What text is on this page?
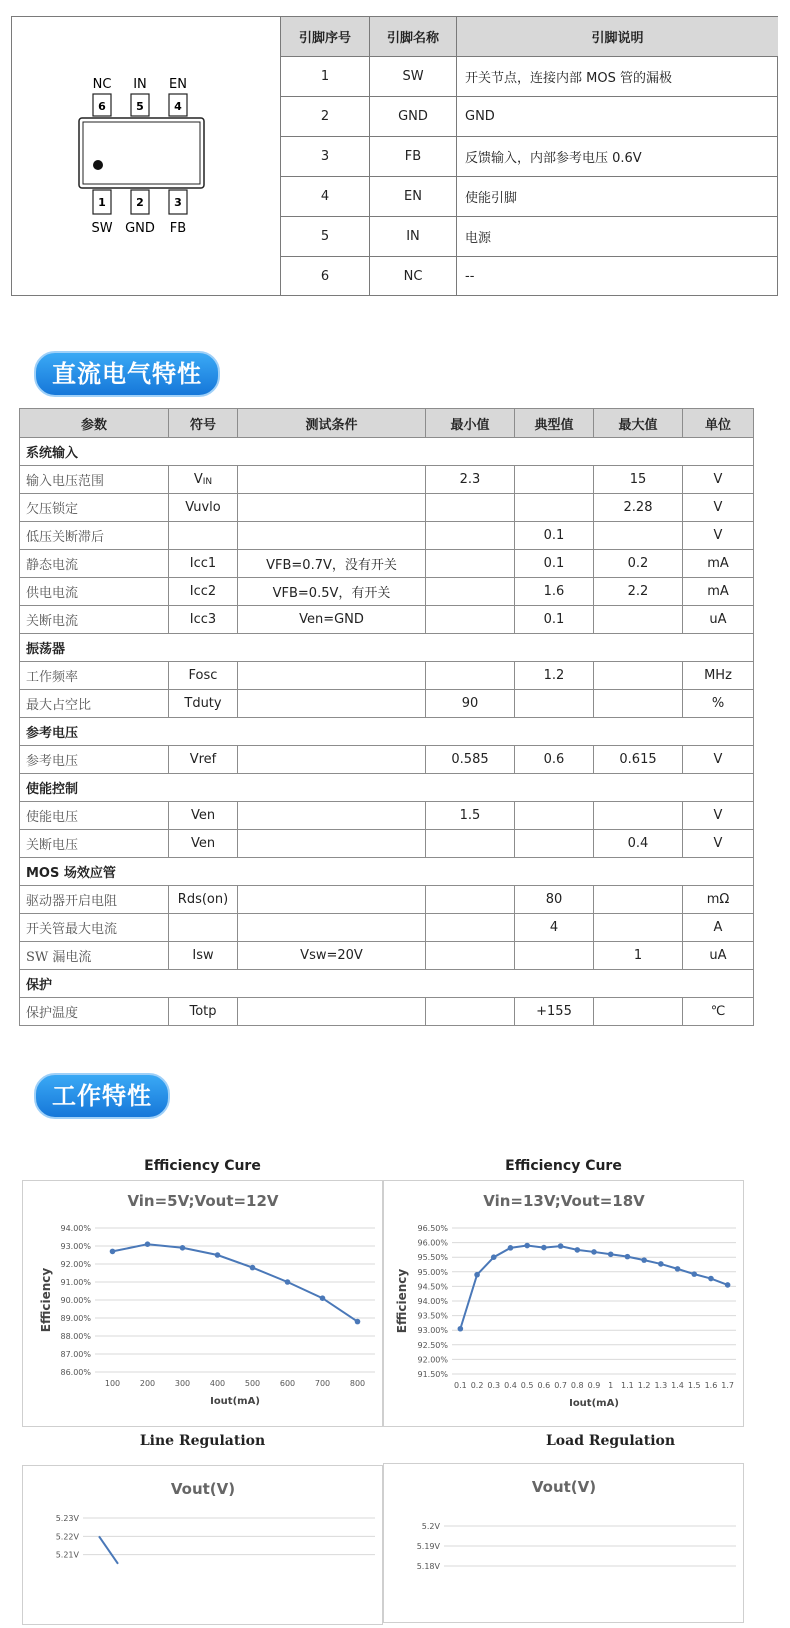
NC IN EN
6	5	4
1	2	3
SW GND FB
引脚序号	引脚名称	引脚说明
1	SW	开关节点，连接内部 MOS 管的漏极
2	GND	GND
3	FB	反馈输入，内部参考电压 0.6V
4	EN	使能引脚
5	IN	电源
6	NC	--
直流电气特性
参数	符号	测试条件	最小值	典型值	最大值	单位
系统输入						
输入电压范围	VIN		2.3		15	V
欠压锁定	Vuvlo				2.28	V
低压关断滞后				0.1		V
静态电流	Icc1	VFB=0.7V，没有开关		0.1	0.2	mA
供电电流	Icc2	VFB=0.5V，有开关		1.6	2.2	mA
关断电流	Icc3	Ven=GND		0.1		uA
振荡器						
工作频率	Fosc			1.2		MHz
最大占空比	Tduty		90			%
参考电压						
参考电压	Vref		0.585	0.6	0.615	V
使能控制						
使能电压	Ven		1.5			V
关断电压	Ven				0.4	V
MOS 场效应管						
驱动器开启电阻	Rds(on)			80		mΩ
开关管最大电流				4		A
SW 漏电流	Isw	Vsw=20V			1	uA
保护						
保护温度	Totp			+155		℃
工作特性
Efficiency Cure	Efficiency Cure
Vin=5V;Vout=12V
86.00%
87.00%
88.00%
89.00%
90.00%
91.00%
92.00%
93.00%
94.00%
100 200 300 400 500 600 700 800
Iout(mA)
Efficiency
Vin=13V;Vout=18V
91.50%
92.00%
92.50%
93.00%
93.50%
94.00%
94.50%
95.00%
95.50%
96.00%
96.50%
0.1 0.2 0.3 0.4 0.5 0.6 0.7 0.8 0.9 1 1.1 1.2 1.3 1.4 1.5 1.6 1.7
Iout(mA)
Efficiency
Line Regulation	Load Regulation
Vout(V)
5.21V
5.22V
5.23V
Vout(V)
5.18V
5.19V
5.2V
